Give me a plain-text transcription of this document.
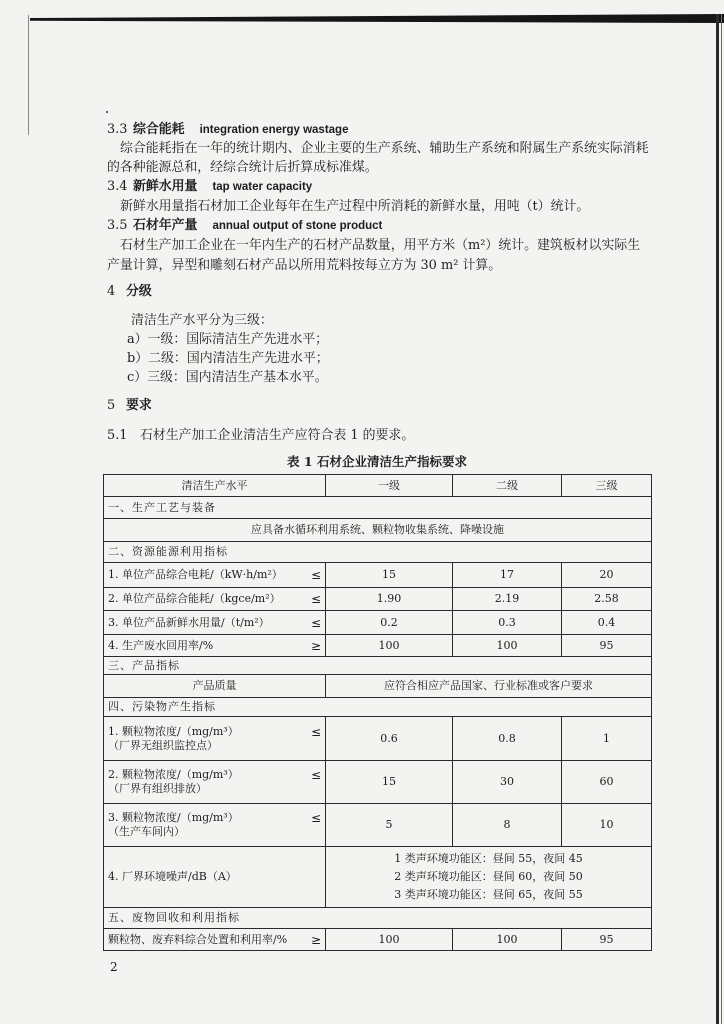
3.3 综合能耗 integration energy wastage
综合能耗指在一年的统计期内、企业主要的生产系统、辅助生产系统和附属生产系统实际消耗
的各种能源总和，经综合统计后折算成标准煤。
3.4 新鲜水用量 tap water capacity
新鲜水用量指石材加工企业每年在生产过程中所消耗的新鲜水量，用吨（t）统计。
3.5 石材年产量 annual output of stone product
石材生产加工企业在一年内生产的石材产品数量，用平方米（m²）统计。建筑板材以实际生
产量计算，异型和雕刻石材产品以所用荒料按每立方为 30 m² 计算。
4 分级
清洁生产水平分为三级：
a）一级：国际清洁生产先进水平；
b）二级：国内清洁生产先进水平；
c）三级：国内清洁生产基本水平。
5 要求
5.1 石材生产加工企业清洁生产应符合表 1 的要求。
表 1 石材企业清洁生产指标要求
清洁生产水平	一级	二级	三级
一、生产工艺与装备			
应具备水循环利用系统、颗粒物收集系统、降噪设施			
二、资源能源利用指标			

1. 单位产品综合电耗/（kW·h/m²） ≤	15	17	20

2. 单位产品综合能耗/（kgce/m²） ≤	1.90	2.19	2.58

3. 单位产品新鲜水用量/（t/m²） ≤	0.2	0.3	0.4

4. 生产废水回用率/% ≥	100	100	95
三、产品指标			
产品质量	应符合相应产品国家、行业标准或客户要求		
四、污染物产生指标			

1. 颗粒物浓度/（mg/m³） ≤
（厂界无组织监控点）	0.6	0.8	1

2. 颗粒物浓度/（mg/m³） ≤
（厂界有组织排放）	15	30	60

3. 颗粒物浓度/（mg/m³） ≤
（生产车间内）	5	8	10
4. 厂界环境噪声/dB（A）	1 类声环境功能区：昼间 55，夜间 45
2 类声环境功能区：昼间 60，夜间 50
3 类声环境功能区：昼间 65，夜间 55		

五、废物回收和利用指标			

颗粒物、废弃料综合处置和利用率/% ≥	100	100	95
2
